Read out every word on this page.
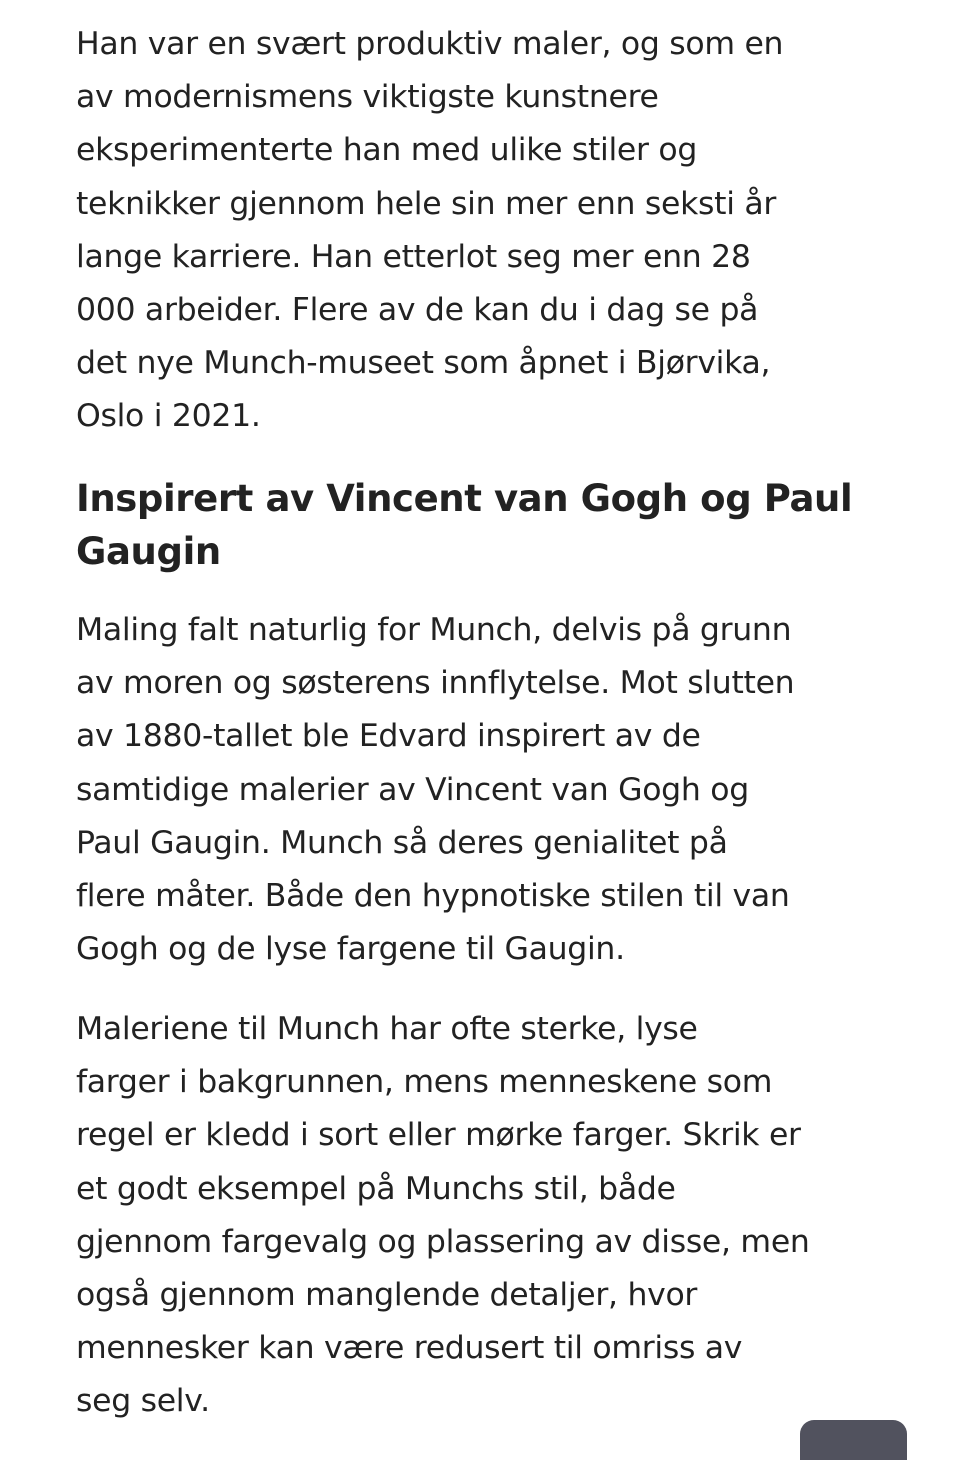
Han var en svært produktiv maler, og som en
av modernismens viktigste kunstnere
eksperimenterte han med ulike stiler og
teknikker gjennom hele sin mer enn seksti år
lange karriere. Han etterlot seg mer enn 28
000 arbeider. Flere av de kan du i dag se på
det nye Munch-museet som åpnet i Bjørvika,
Oslo i 2021.
Inspirert av Vincent van Gogh og Paul
Gaugin
Maling falt naturlig for Munch, delvis på grunn
av moren og søsterens innflytelse. Mot slutten
av 1880-tallet ble Edvard inspirert av de
samtidige malerier av Vincent van Gogh og
Paul Gaugin. Munch så deres genialitet på
flere måter. Både den hypnotiske stilen til van
Gogh og de lyse fargene til Gaugin.
Maleriene til Munch har ofte sterke, lyse
farger i bakgrunnen, mens menneskene som
regel er kledd i sort eller mørke farger. Skrik er
et godt eksempel på Munchs stil, både
gjennom fargevalg og plassering av disse, men
også gjennom manglende detaljer, hvor
mennesker kan være redusert til omriss av
seg selv.
